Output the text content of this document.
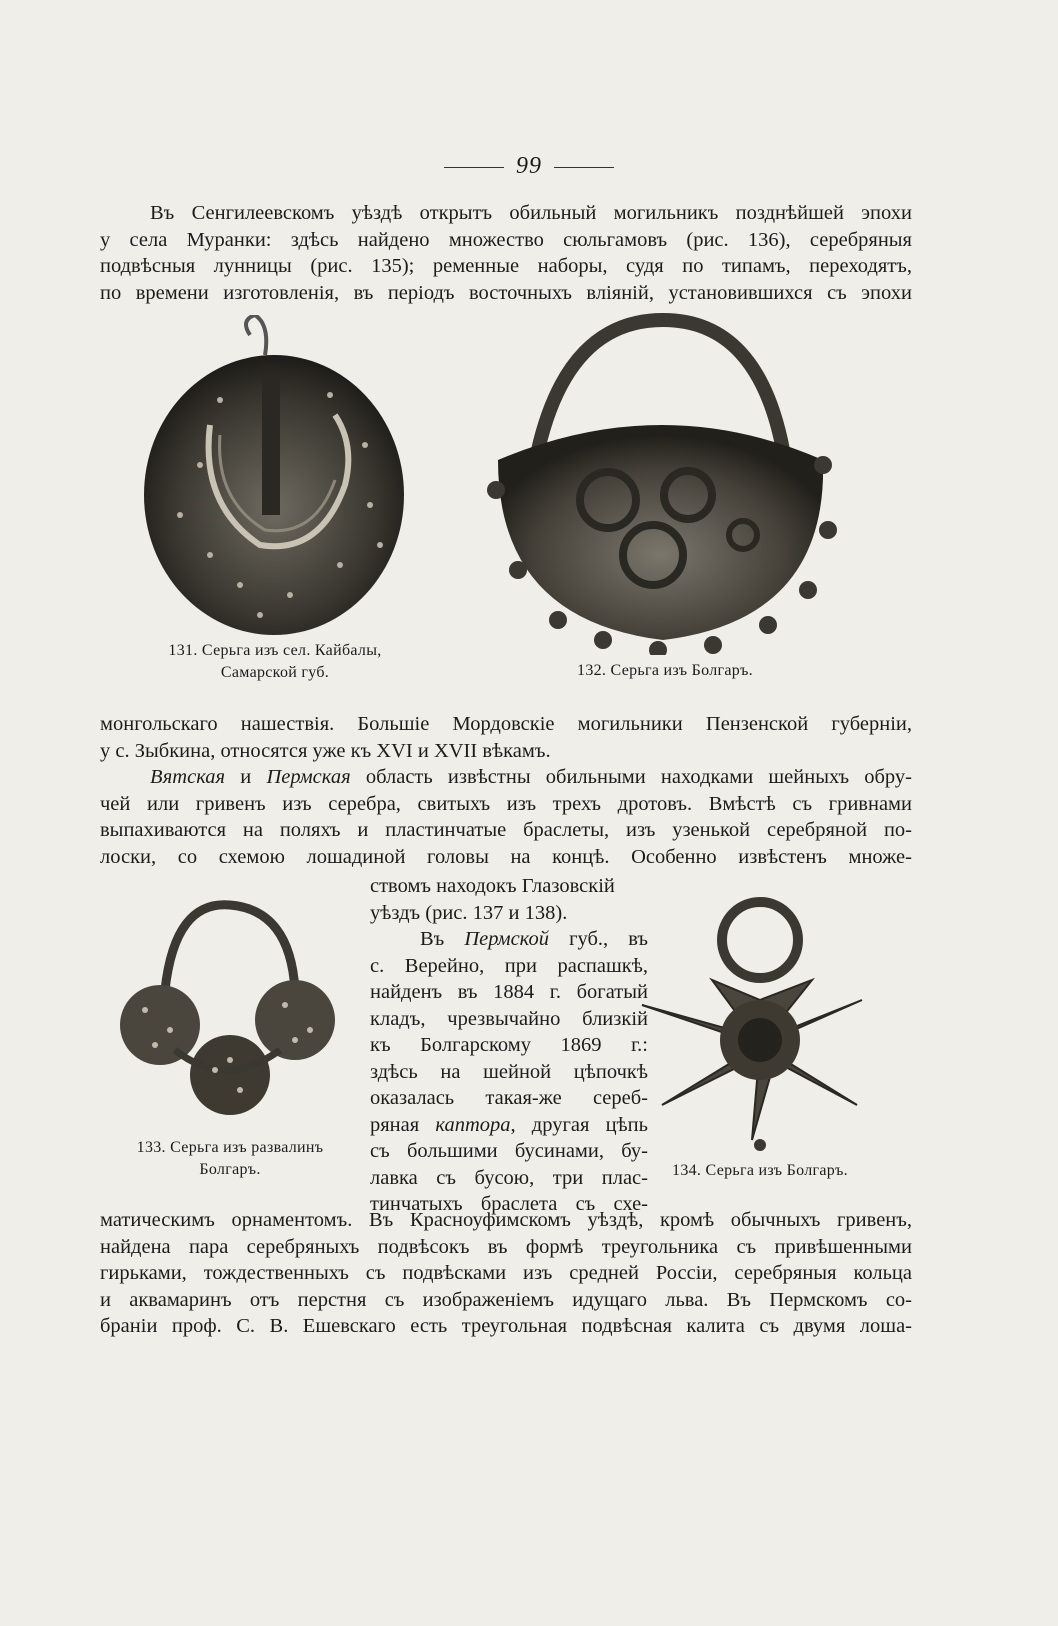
99

Въ Сенгилеевскомъ уѣздѣ открытъ обильный могильникъ позднѣйшей эпохи
у села Муранки: здѣсь найдено множество сюльгамовъ (рис. 136), серебряныя
подвѣсныя лунницы (рис. 135); ременные наборы, судя по типамъ, переходятъ,
по времени изготовленія, въ періодъ восточныхъ вліяній, установившихся съ эпохи

131. Серьга изъ сел. Кайбалы,
Самарской губ.	132. Серьга изъ Болгаръ.

монгольскаго нашествія. Большіе Мордовскіе могильники Пензенской губерніи,
у с. Зыбкина, относятся уже къ XVI и XVII вѣкамъ.

Вятская и Пермская область извѣстны обильными находками шейныхъ обру-
чей или гривенъ изъ серебра, свитыхъ изъ трехъ дротовъ. Вмѣстѣ съ гривнами
выпахиваются на поляхъ и пластинчатые браслеты, изъ узенькой серебряной по-
лоски, со схемою лошадиной головы на концѣ. Особенно извѣстенъ множе-

133. Серьга изъ развалинъ
Болгаръ.
ствомъ находокъ Глазовскій
уѣздъ (рис. 137 и 138).
Въ Пермской губ., въ
с. Верейно, при распашкѣ,
найденъ въ 1884 г. богатый
кладъ, чрезвычайно близкій
къ Болгарскому 1869 г.:
здѣсь на шейной цѣпочкѣ
оказалась такая-же сереб-
ряная каптора, другая цѣпь
съ большими бусинами, бу-
лавка съ бусою, три плас-
тинчатыхъ браслета съ схе-
134. Серьга изъ Болгаръ.

матическимъ орнаментомъ. Въ Красноуфимскомъ уѣздѣ, кромѣ обычныхъ гривенъ,
найдена пара серебряныхъ подвѣсокъ въ формѣ треугольника съ привѣшенными
гирьками, тождественныхъ съ подвѣсками изъ средней Россіи, серебряныя кольца
и аквамаринъ отъ перстня съ изображеніемъ идущаго льва. Въ Пермскомъ со-
браніи проф. С. В. Ешевскаго есть треугольная подвѣсная калита съ двумя лоша-
